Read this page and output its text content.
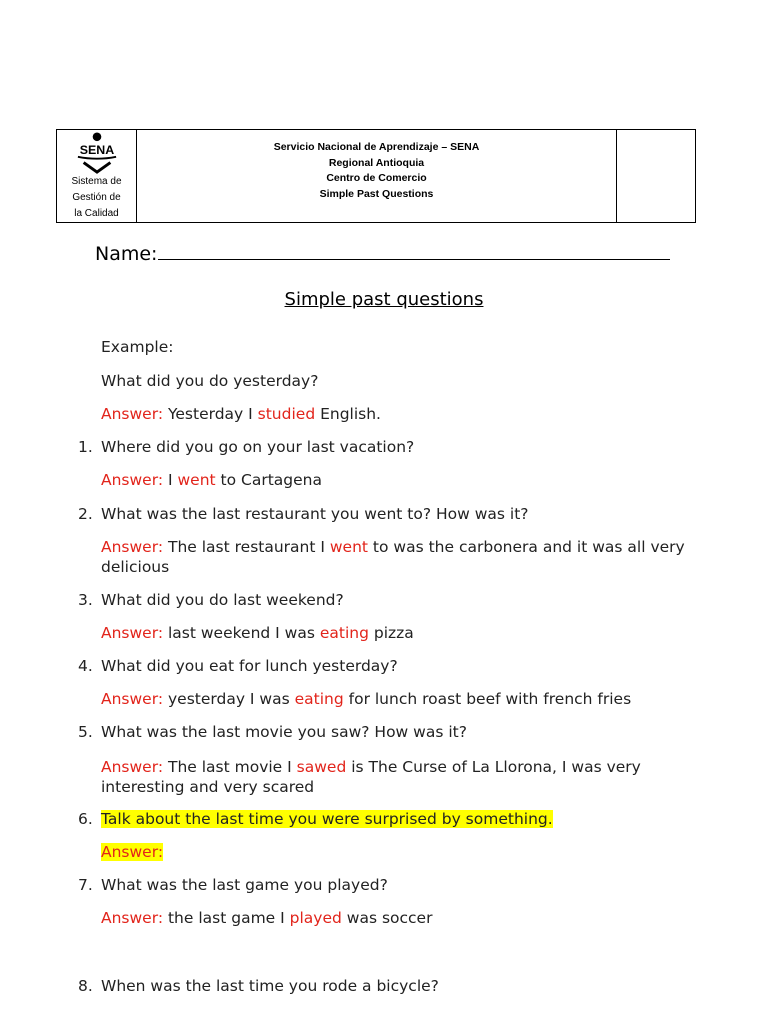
SENA
Sistema de
Gestión de
la Calidad
Servicio Nacional de Aprendizaje – SENA
Regional Antioquia
Centro de Comercio
Simple Past Questions
Name:
Simple past questions
Example:
What did you do yesterday?
Answer: Yesterday I studied English.
1. Where did you go on your last vacation?
Answer: I went to Cartagena
2. What was the last restaurant you went to? How was it?
Answer: The last restaurant I went to was the carbonera and it was all very delicious
3. What did you do last weekend?
Answer: last weekend I was eating pizza
4. What did you eat for lunch yesterday?
Answer: yesterday I was eating for lunch roast beef with french fries
5. What was the last movie you saw? How was it?
Answer: The last movie I sawed is The Curse of La Llorona, I was very interesting and very scared
6. Talk about the last time you were surprised by something.
Answer:
7. What was the last game you played?
Answer: the last game I played was soccer
8. When was the last time you rode a bicycle?
